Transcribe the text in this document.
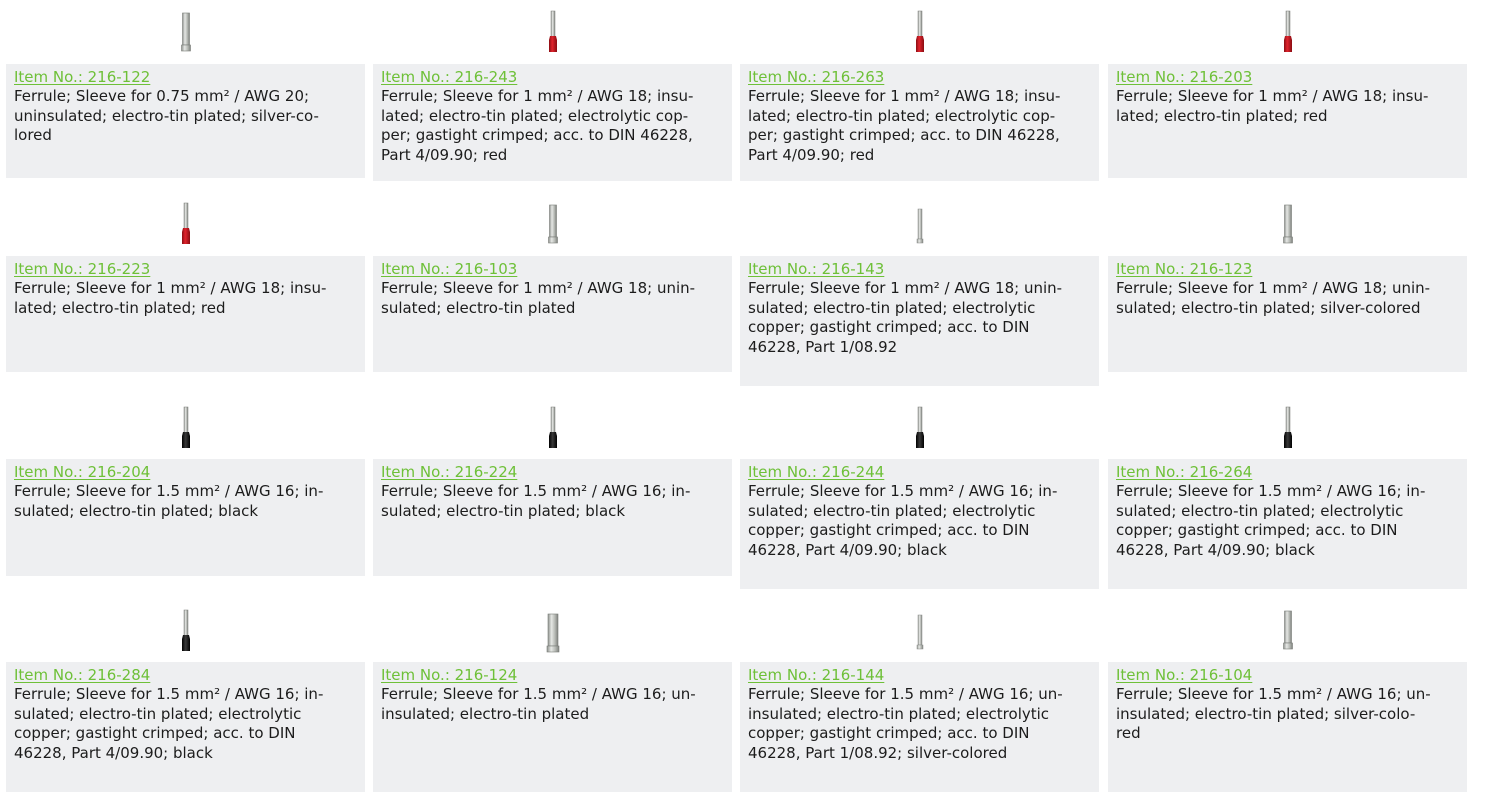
Item No.: 216-122

Ferrule; Sleeve for 0.75 mm² / AWG 20;
uninsulated; electro-tin plated; silver-co-
lored

Item No.: 216-243

Ferrule; Sleeve for 1 mm² / AWG 18; insu-
lated; electro-tin plated; electrolytic cop-
per; gastight crimped; acc. to DIN 46228,
Part 4/09.90; red

Item No.: 216-263

Ferrule; Sleeve for 1 mm² / AWG 18; insu-
lated; electro-tin plated; electrolytic cop-
per; gastight crimped; acc. to DIN 46228,
Part 4/09.90; red

Item No.: 216-203

Ferrule; Sleeve for 1 mm² / AWG 18; insu-
lated; electro-tin plated; red

Item No.: 216-223

Ferrule; Sleeve for 1 mm² / AWG 18; insu-
lated; electro-tin plated; red

Item No.: 216-103

Ferrule; Sleeve for 1 mm² / AWG 18; unin-
sulated; electro-tin plated

Item No.: 216-143

Ferrule; Sleeve for 1 mm² / AWG 18; unin-
sulated; electro-tin plated; electrolytic
copper; gastight crimped; acc. to DIN
46228, Part 1/08.92

Item No.: 216-123

Ferrule; Sleeve for 1 mm² / AWG 18; unin-
sulated; electro-tin plated; silver-colored

Item No.: 216-204

Ferrule; Sleeve for 1.5 mm² / AWG 16; in-
sulated; electro-tin plated; black

Item No.: 216-224

Ferrule; Sleeve for 1.5 mm² / AWG 16; in-
sulated; electro-tin plated; black

Item No.: 216-244

Ferrule; Sleeve for 1.5 mm² / AWG 16; in-
sulated; electro-tin plated; electrolytic
copper; gastight crimped; acc. to DIN
46228, Part 4/09.90; black

Item No.: 216-264

Ferrule; Sleeve for 1.5 mm² / AWG 16; in-
sulated; electro-tin plated; electrolytic
copper; gastight crimped; acc. to DIN
46228, Part 4/09.90; black

Item No.: 216-284

Ferrule; Sleeve for 1.5 mm² / AWG 16; in-
sulated; electro-tin plated; electrolytic
copper; gastight crimped; acc. to DIN
46228, Part 4/09.90; black

Item No.: 216-124

Ferrule; Sleeve for 1.5 mm² / AWG 16; un-
insulated; electro-tin plated

Item No.: 216-144

Ferrule; Sleeve for 1.5 mm² / AWG 16; un-
insulated; electro-tin plated; electrolytic
copper; gastight crimped; acc. to DIN
46228, Part 1/08.92; silver-colored

Item No.: 216-104

Ferrule; Sleeve for 1.5 mm² / AWG 16; un-
insulated; electro-tin plated; silver-colo-
red
